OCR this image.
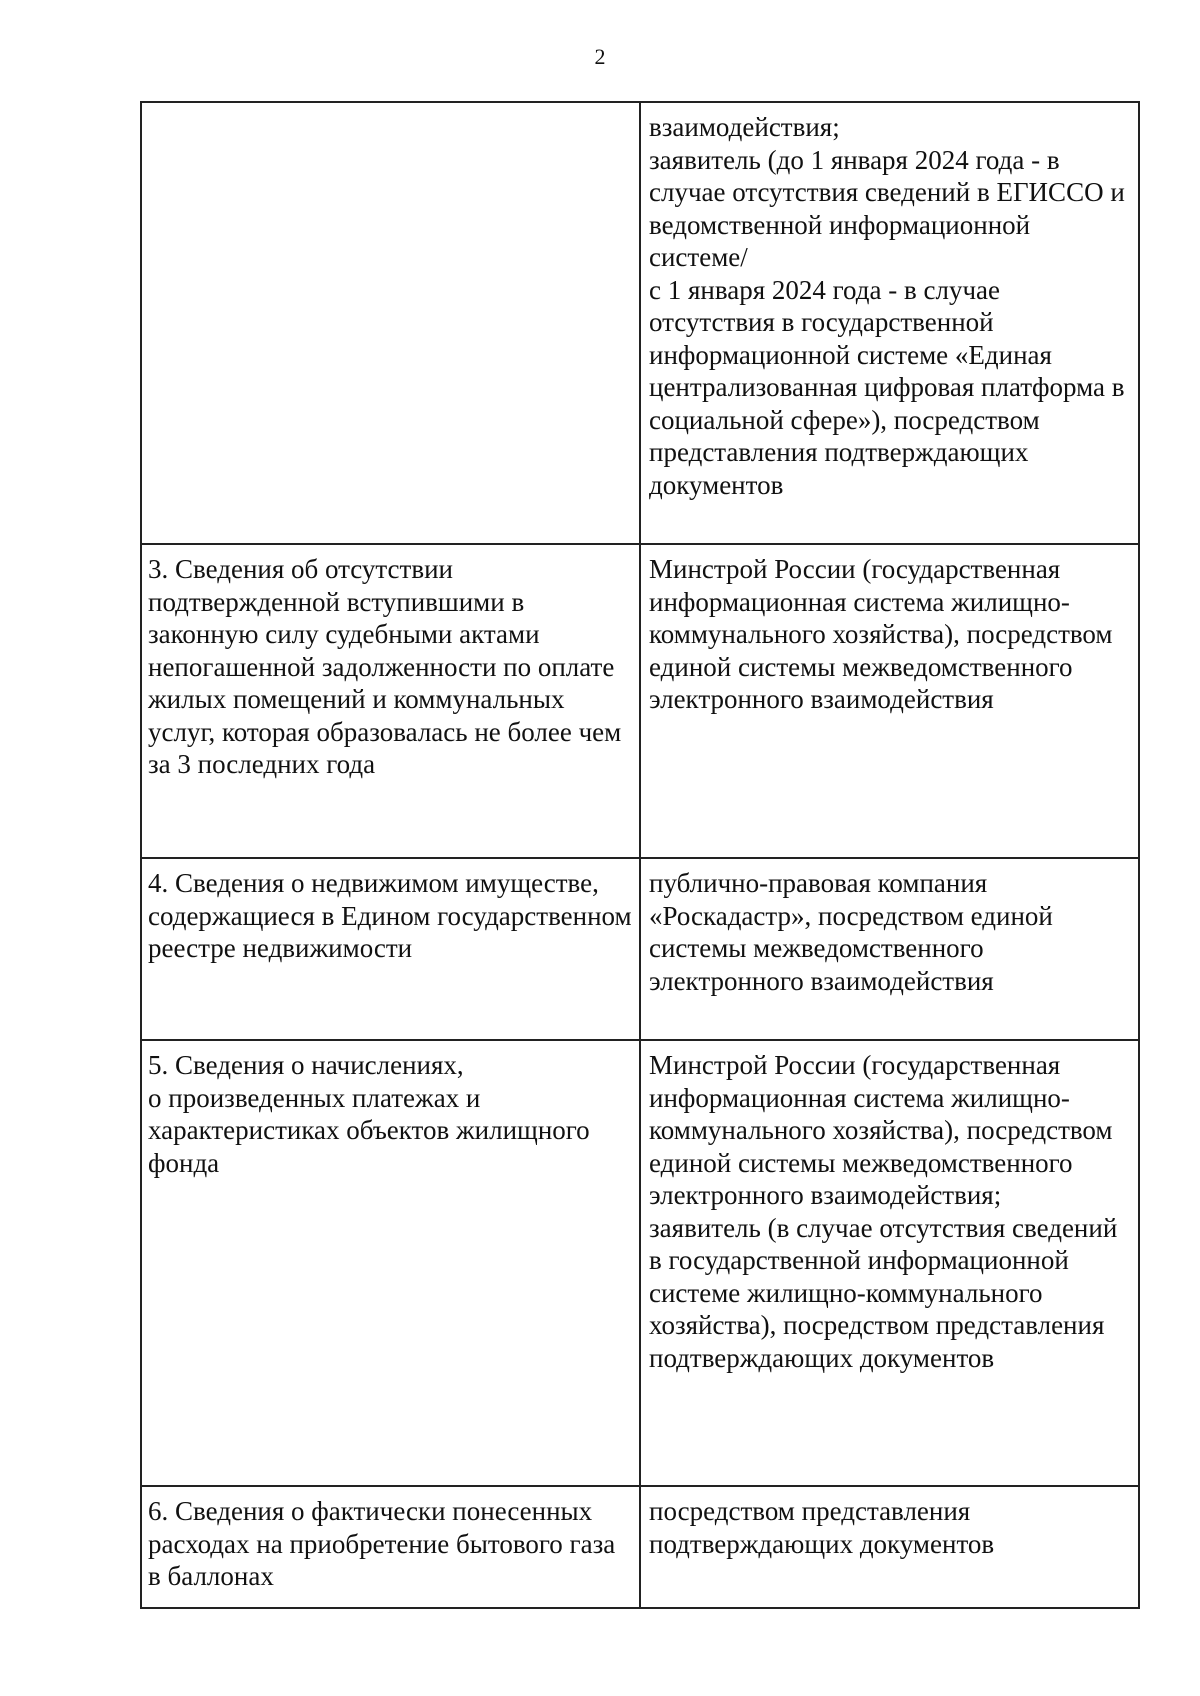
2
	взаимодействия;
заявитель (до 1 января 2024 года - в случае отсутствия сведений в ЕГИССО и ведомственной информационной системе/
с 1 января 2024 года - в случае отсутствия в государственной информационной системе «Единая централизованная цифровая платформа в социальной сфере»), посредством представления подтверждающих документов
3. Сведения об отсутствии подтвержденной вступившими в законную силу судебными актами непогашенной задолженности по оплате жилых помещений и коммунальных услуг, которая образовалась не более чем за 3 последних года	Минстрой России (государственная информационная система жилищно-коммунального хозяйства), посредством единой системы межведомственного электронного взаимодействия
4. Сведения о недвижимом имуществе, содержащиеся в Едином государственном реестре недвижимости	публично-правовая компания «Роскадастр», посредством единой системы межведомственного электронного взаимодействия
5. Сведения о начислениях,
о произведенных платежах и характеристиках объектов жилищного фонда	Минстрой России (государственная информационная система жилищно-коммунального хозяйства), посредством единой системы межведомственного электронного взаимодействия;
заявитель (в случае отсутствия сведений в государственной информационной системе жилищно-коммунального хозяйства), посредством представления подтверждающих документов
6. Сведения о фактически понесенных расходах на приобретение бытового газа в баллонах	посредством представления подтверждающих документов
